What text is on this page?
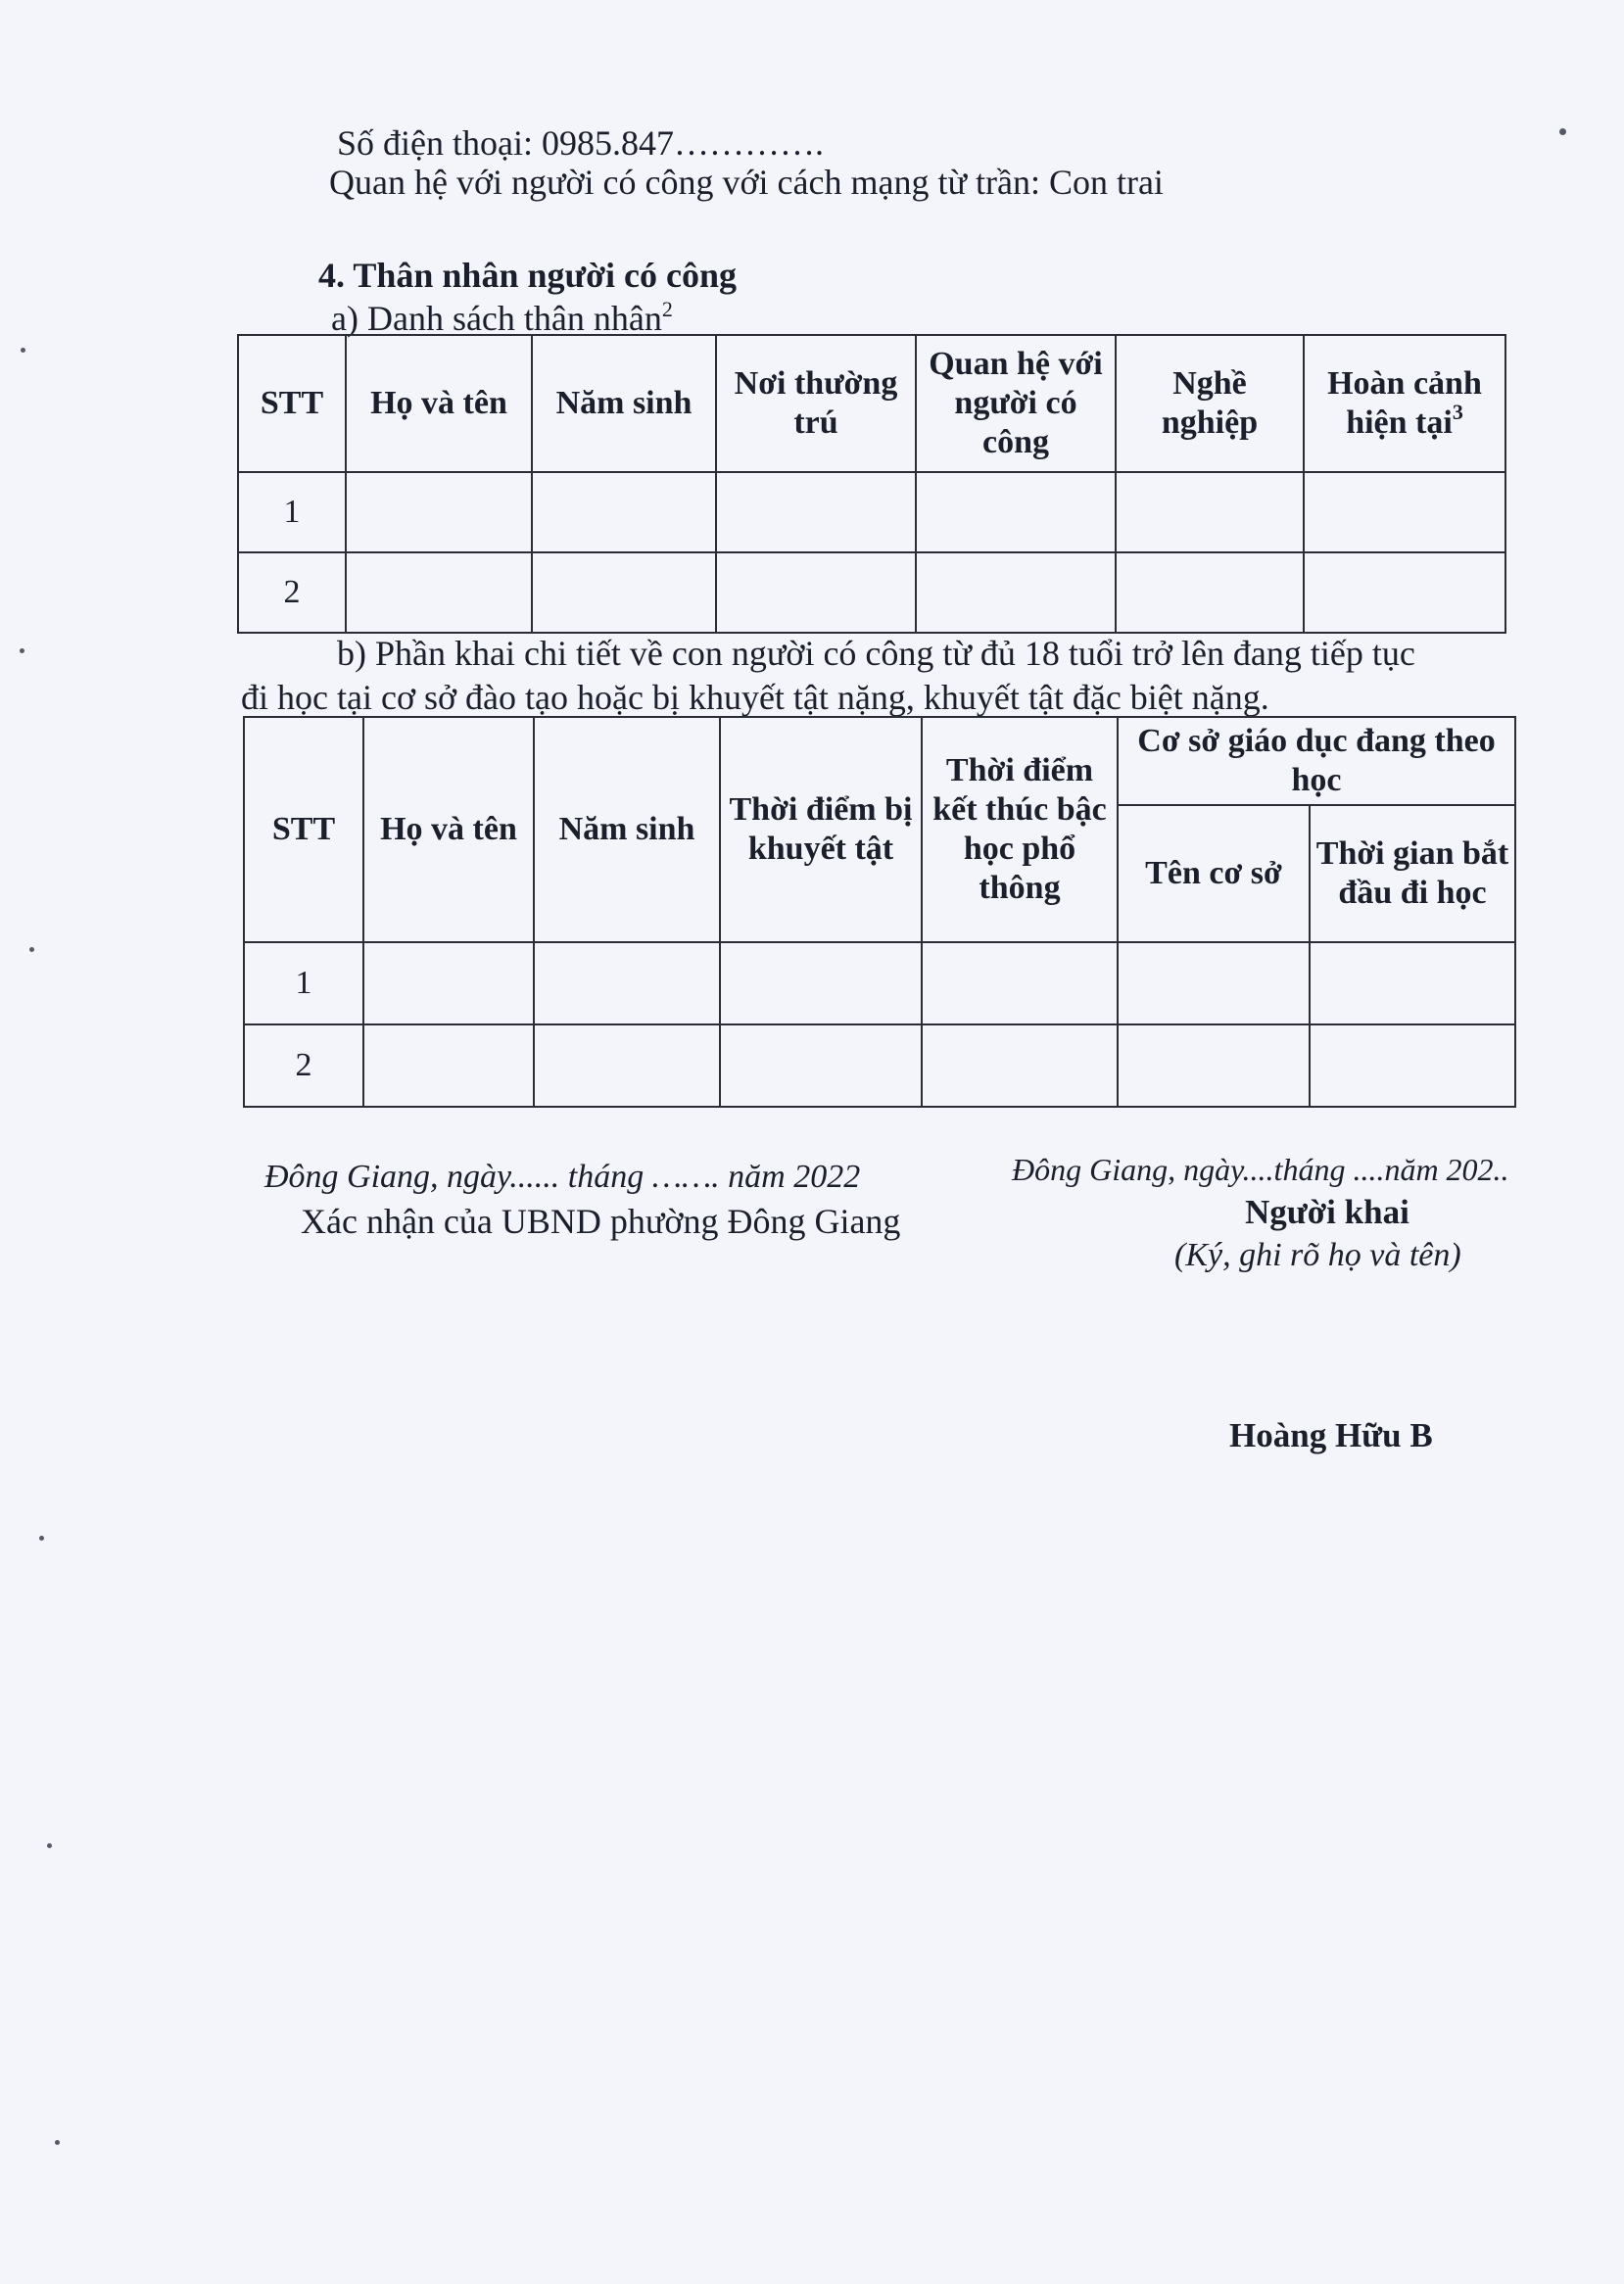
Số điện thoại: 0985.847………….
Quan hệ với người có công với cách mạng từ trần: Con trai
4. Thân nhân người có công
a) Danh sách thân nhân$^2$
STT	Họ và tên	Năm sinh	Nơi thường trú	Quan hệ với người có công	Nghề nghiệp	Hoàn cảnh hiện tại$^3$
1						
2						
b) Phần khai chi tiết về con người có công từ đủ 18 tuổi trở lên đang tiếp tục
đi học tại cơ sở đào tạo hoặc bị khuyết tật nặng, khuyết tật đặc biệt nặng.
STT	Họ và tên	Năm sinh	Thời điểm bị khuyết tật	Thời điểm kết thúc bậc học phổ thông	Cơ sở giáo dục đang theo học	
					Tên cơ sở	Thời gian bắt đầu đi học
1						
2						
Đông Giang, ngày...... tháng ……. năm 2022
Xác nhận của UBND phường Đông Giang
Đông Giang, ngày....tháng ....năm 202..
Người khai
(Ký, ghi rõ họ và tên)
Hoàng Hữu B
